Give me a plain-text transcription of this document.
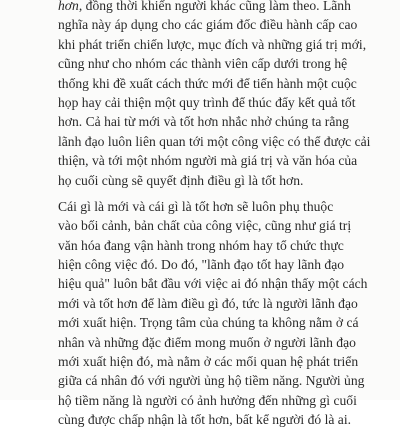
hơn, đồng thời khiến người khác cũng làm theo. Lãnh
nghĩa này áp dụng cho các giám đốc điều hành cấp cao
khi phát triển chiến lược, mục đích và những giá trị mới,
cũng như cho nhóm các thành viên cấp dưới trong hệ
thống khi đề xuất cách thức mới để tiến hành một cuộc
họp hay cải thiện một quy trình để thúc đẩy kết quả tốt
hơn. Cả hai từ mới và tốt hơn nhắc nhở chúng ta rằng
lãnh đạo luôn liên quan tới một công việc có thể được cải
thiện, và tới một nhóm người mà giá trị và văn hóa của
họ cuối cùng sẽ quyết định điều gì là tốt hơn.
Cái gì là mới và cái gì là tốt hơn sẽ luôn phụ thuộc
vào bối cảnh, bản chất của công việc, cũng như giá trị
văn hóa đang vận hành trong nhóm hay tổ chức thực
hiện công việc đó. Do đó, "lãnh đạo tốt hay lãnh đạo
hiệu quả" luôn bắt đầu với việc ai đó nhận thấy một cách
mới và tốt hơn để làm điều gì đó, tức là người lãnh đạo
mới xuất hiện. Trọng tâm của chúng ta không nằm ở cá
nhân và những đặc điểm mong muốn ở người lãnh đạo
mới xuất hiện đó, mà nằm ở các mối quan hệ phát triển
giữa cá nhân đó với người ủng hộ tiềm năng. Người ủng
hộ tiềm năng là người có ảnh hưởng đến những gì cuối
cùng được chấp nhận là tốt hơn, bất kể người đó là ai.
